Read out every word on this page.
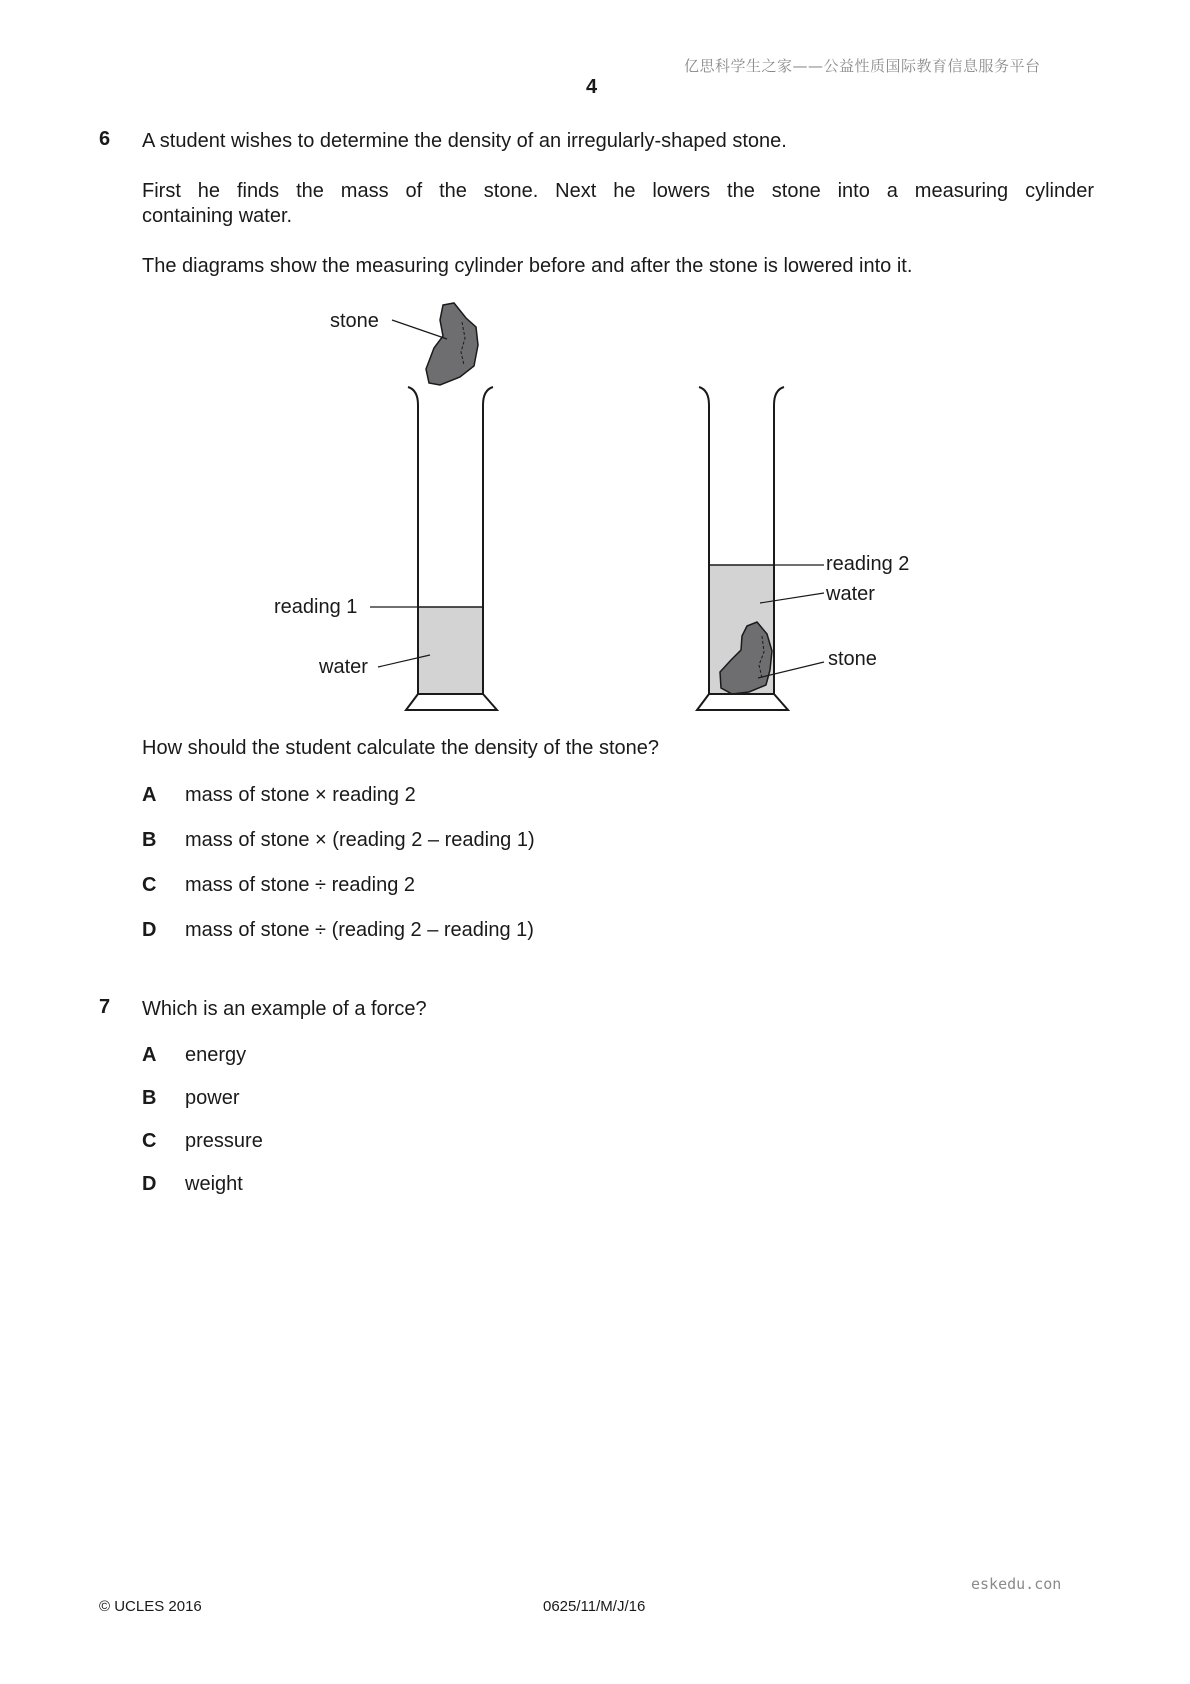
亿思科学生之家——公益性质国际教育信息服务平台
4
6 A student wishes to determine the density of an irregularly-shaped stone.
First he finds the mass of the stone. Next he lowers the stone into a measuring cylinder
containing water.
The diagrams show the measuring cylinder before and after the stone is lowered into it.
stone
reading 1
water
reading 2
water
stone
How should the student calculate the density of the stone?
A mass of stone × reading 2
B mass of stone × (reading 2 – reading 1)
C mass of stone ÷ reading 2
D mass of stone ÷ (reading 2 – reading 1)
7 Which is an example of a force?
A energy
B power
C pressure
D weight
eskedu.con
© UCLES 2016	0625/11/M/J/16
